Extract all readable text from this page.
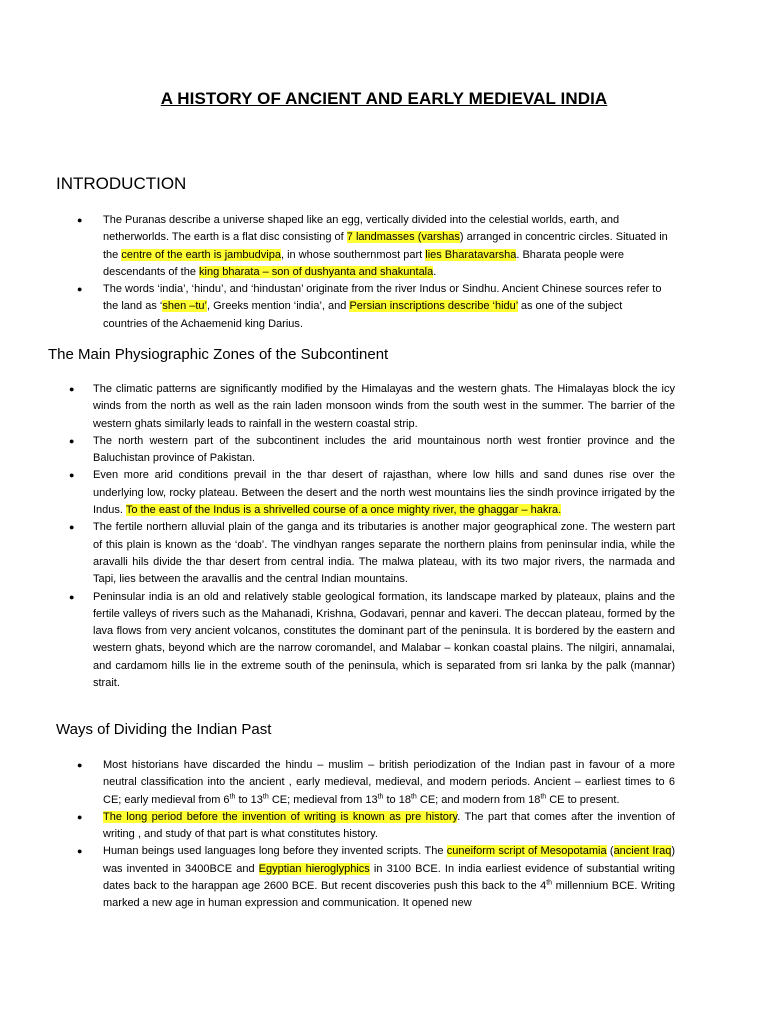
A HISTORY OF ANCIENT AND EARLY MEDIEVAL INDIA
INTRODUCTION
● The Puranas describe a universe shaped like an egg, vertically divided into the celestial worlds, earth, and netherworlds. The earth is a flat disc consisting of 7 landmasses (varshas) arranged in concentric circles. Situated in the centre of the earth is jambudvipa, in whose southernmost part lies Bharatavarsha. Bharata people were descendants of the king bharata – son of dushyanta and shakuntala.
● The words ‘india’, ‘hindu’, and ‘hindustan’ originate from the river Indus or Sindhu. Ancient Chinese sources refer to the land as ‘shen –tu’, Greeks mention ‘india’, and Persian inscriptions describe ‘hidu’ as one of the subject countries of the Achaemenid king Darius.
The Main Physiographic Zones of the Subcontinent
● The climatic patterns are significantly modified by the Himalayas and the western ghats. The Himalayas block the icy winds from the north as well as the rain laden monsoon winds from the south west in the summer. The barrier of the western ghats similarly leads to rainfall in the western coastal strip.
● The north western part of the subcontinent includes the arid mountainous north west frontier province and the Baluchistan province of Pakistan.
● Even more arid conditions prevail in the thar desert of rajasthan, where low hills and sand dunes rise over the underlying low, rocky plateau. Between the desert and the north west mountains lies the sindh province irrigated by the Indus. To the east of the Indus is a shrivelled course of a once mighty river, the ghaggar – hakra.
● The fertile northern alluvial plain of the ganga and its tributaries is another major geographical zone. The western part of this plain is known as the ‘doab’. The vindhyan ranges separate the northern plains from peninsular india, while the aravalli hils divide the thar desert from central india. The malwa plateau, with its two major rivers, the narmada and Tapi, lies between the aravallis and the central Indian mountains.
● Peninsular india is an old and relatively stable geological formation, its landscape marked by plateaux, plains and the fertile valleys of rivers such as the Mahanadi, Krishna, Godavari, pennar and kaveri. The deccan plateau, formed by the lava flows from very ancient volcanos, constitutes the dominant part of the peninsula. It is bordered by the eastern and western ghats, beyond which are the narrow coromandel, and Malabar – konkan coastal plains. The nilgiri, annamalai, and cardamom hills lie in the extreme south of the peninsula, which is separated from sri lanka by the palk (mannar) strait.
Ways of Dividing the Indian Past
● Most historians have discarded the hindu – muslim – british periodization of the Indian past in favour of a more neutral classification into the ancient , early medieval, medieval, and modern periods. Ancient – earliest times to 6 CE; early medieval from 6th to 13th CE; medieval from 13th to 18th CE; and modern from 18th CE to present.
● The long period before the invention of writing is known as pre history. The part that comes after the invention of writing , and study of that part is what constitutes history.
● Human beings used languages long before they invented scripts. The cuneiform script of Mesopotamia (ancient Iraq) was invented in 3400BCE and Egyptian hieroglyphics in 3100 BCE. In india earliest evidence of substantial writing dates back to the harappan age 2600 BCE. But recent discoveries push this back to the 4th millennium BCE. Writing marked a new age in human expression and communication. It opened new
